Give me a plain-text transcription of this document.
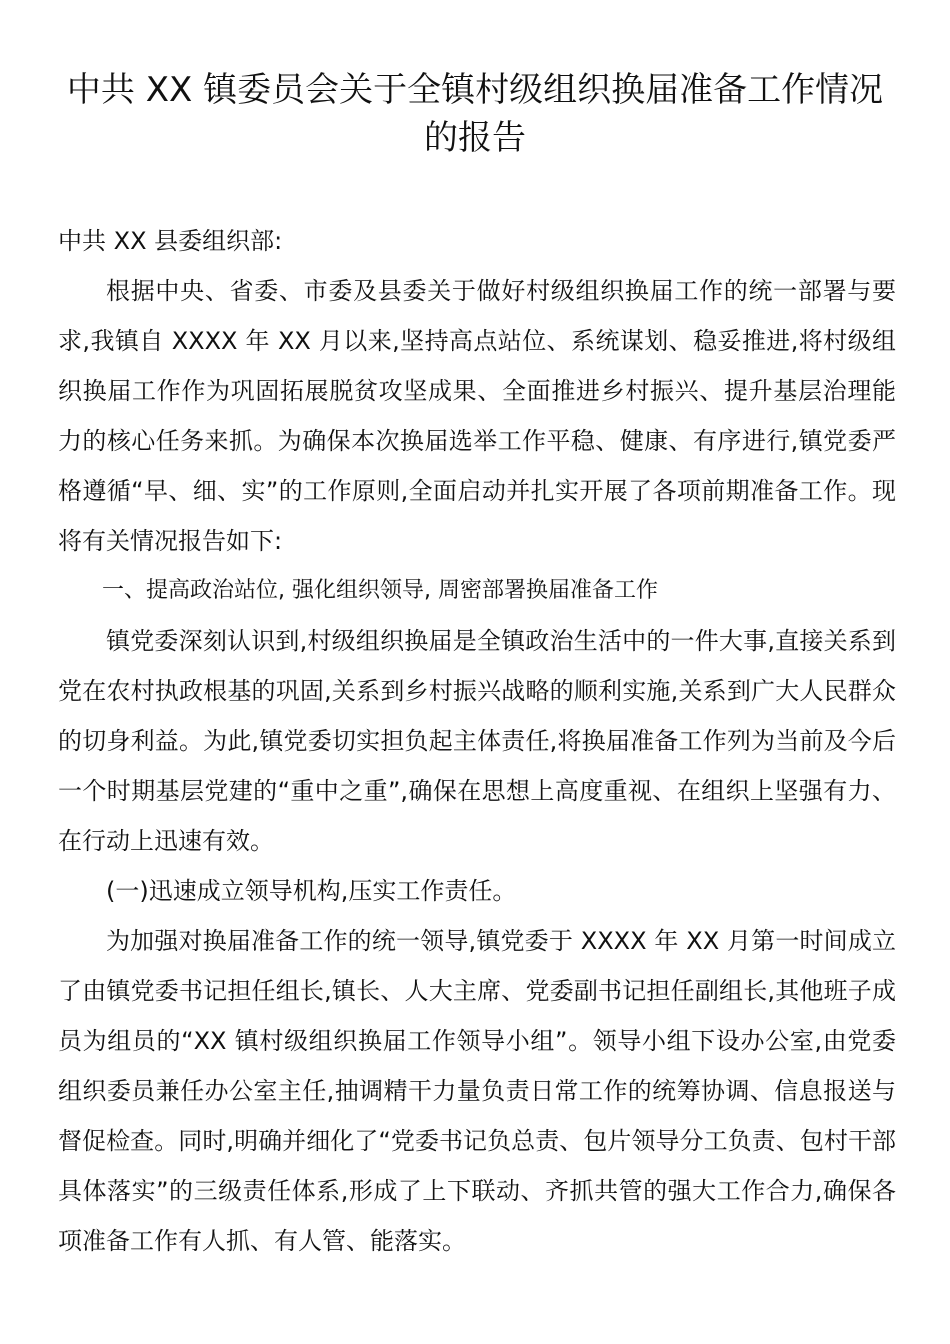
中共 XX 镇委员会关于全镇村级组织换届准备工作情况
的报告

中共 XX 县委组织部:

根据中央、省委、市委及县委关于做好村级组织换届工作的统一部署与要求,我镇自 XXXX 年 XX 月以来,坚持高点站位、系统谋划、稳妥推进,将村级组织换届工作作为巩固拓展脱贫攻坚成果、全面推进乡村振兴、提升基层治理能力的核心任务来抓。为确保本次换届选举工作平稳、健康、有序进行,镇党委严格遵循“早、细、实”的工作原则,全面启动并扎实开展了各项前期准备工作。现将有关情况报告如下:

一、提高政治站位, 强化组织领导, 周密部署换届准备工作

镇党委深刻认识到,村级组织换届是全镇政治生活中的一件大事,直接关系到党在农村执政根基的巩固,关系到乡村振兴战略的顺利实施,关系到广大人民群众的切身利益。为此,镇党委切实担负起主体责任,将换届准备工作列为当前及今后一个时期基层党建的“重中之重”,确保在思想上高度重视、在组织上坚强有力、在行动上迅速有效。

(一)迅速成立领导机构,压实工作责任。

为加强对换届准备工作的统一领导,镇党委于 XXXX 年 XX 月第一时间成立了由镇党委书记担任组长,镇长、人大主席、党委副书记担任副组长,其他班子成员为组员的“XX 镇村级组织换届工作领导小组”。领导小组下设办公室,由党委组织委员兼任办公室主任,抽调精干力量负责日常工作的统筹协调、信息报送与督促检查。同时,明确并细化了“党委书记负总责、包片领导分工负责、包村干部具体落实”的三级责任体系,形成了上下联动、齐抓共管的强大工作合力,确保各项准备工作有人抓、有人管、能落实。
